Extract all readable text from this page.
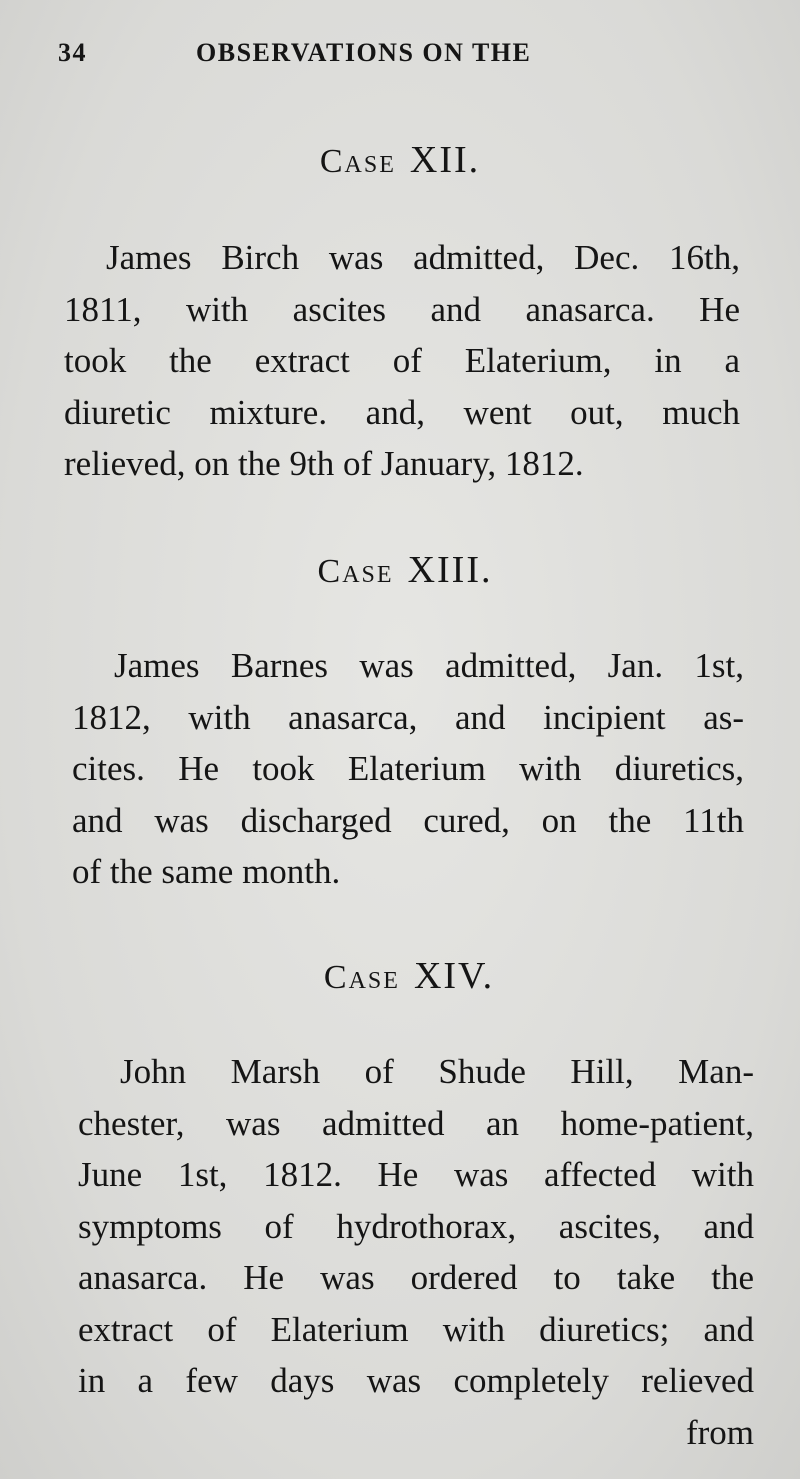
34	OBSERVATIONS ON THE
Case XII.
James Birch was admitted, Dec. 16th,
1811, with ascites and anasarca. He
took the extract of Elaterium, in a
diuretic mixture. and, went out, much
relieved, on the 9th of January, 1812.
Case XIII.
James Barnes was admitted, Jan. 1st,
1812, with anasarca, and incipient as-
cites. He took Elaterium with diuretics,
and was discharged cured, on the 11th
of the same month.
Case XIV.
John Marsh of Shude Hill, Man-
chester, was admitted an home-patient,
June 1st, 1812. He was affected with
symptoms of hydrothorax, ascites, and
anasarca. He was ordered to take the
extract of Elaterium with diuretics; and
in a few days was completely relieved
from
